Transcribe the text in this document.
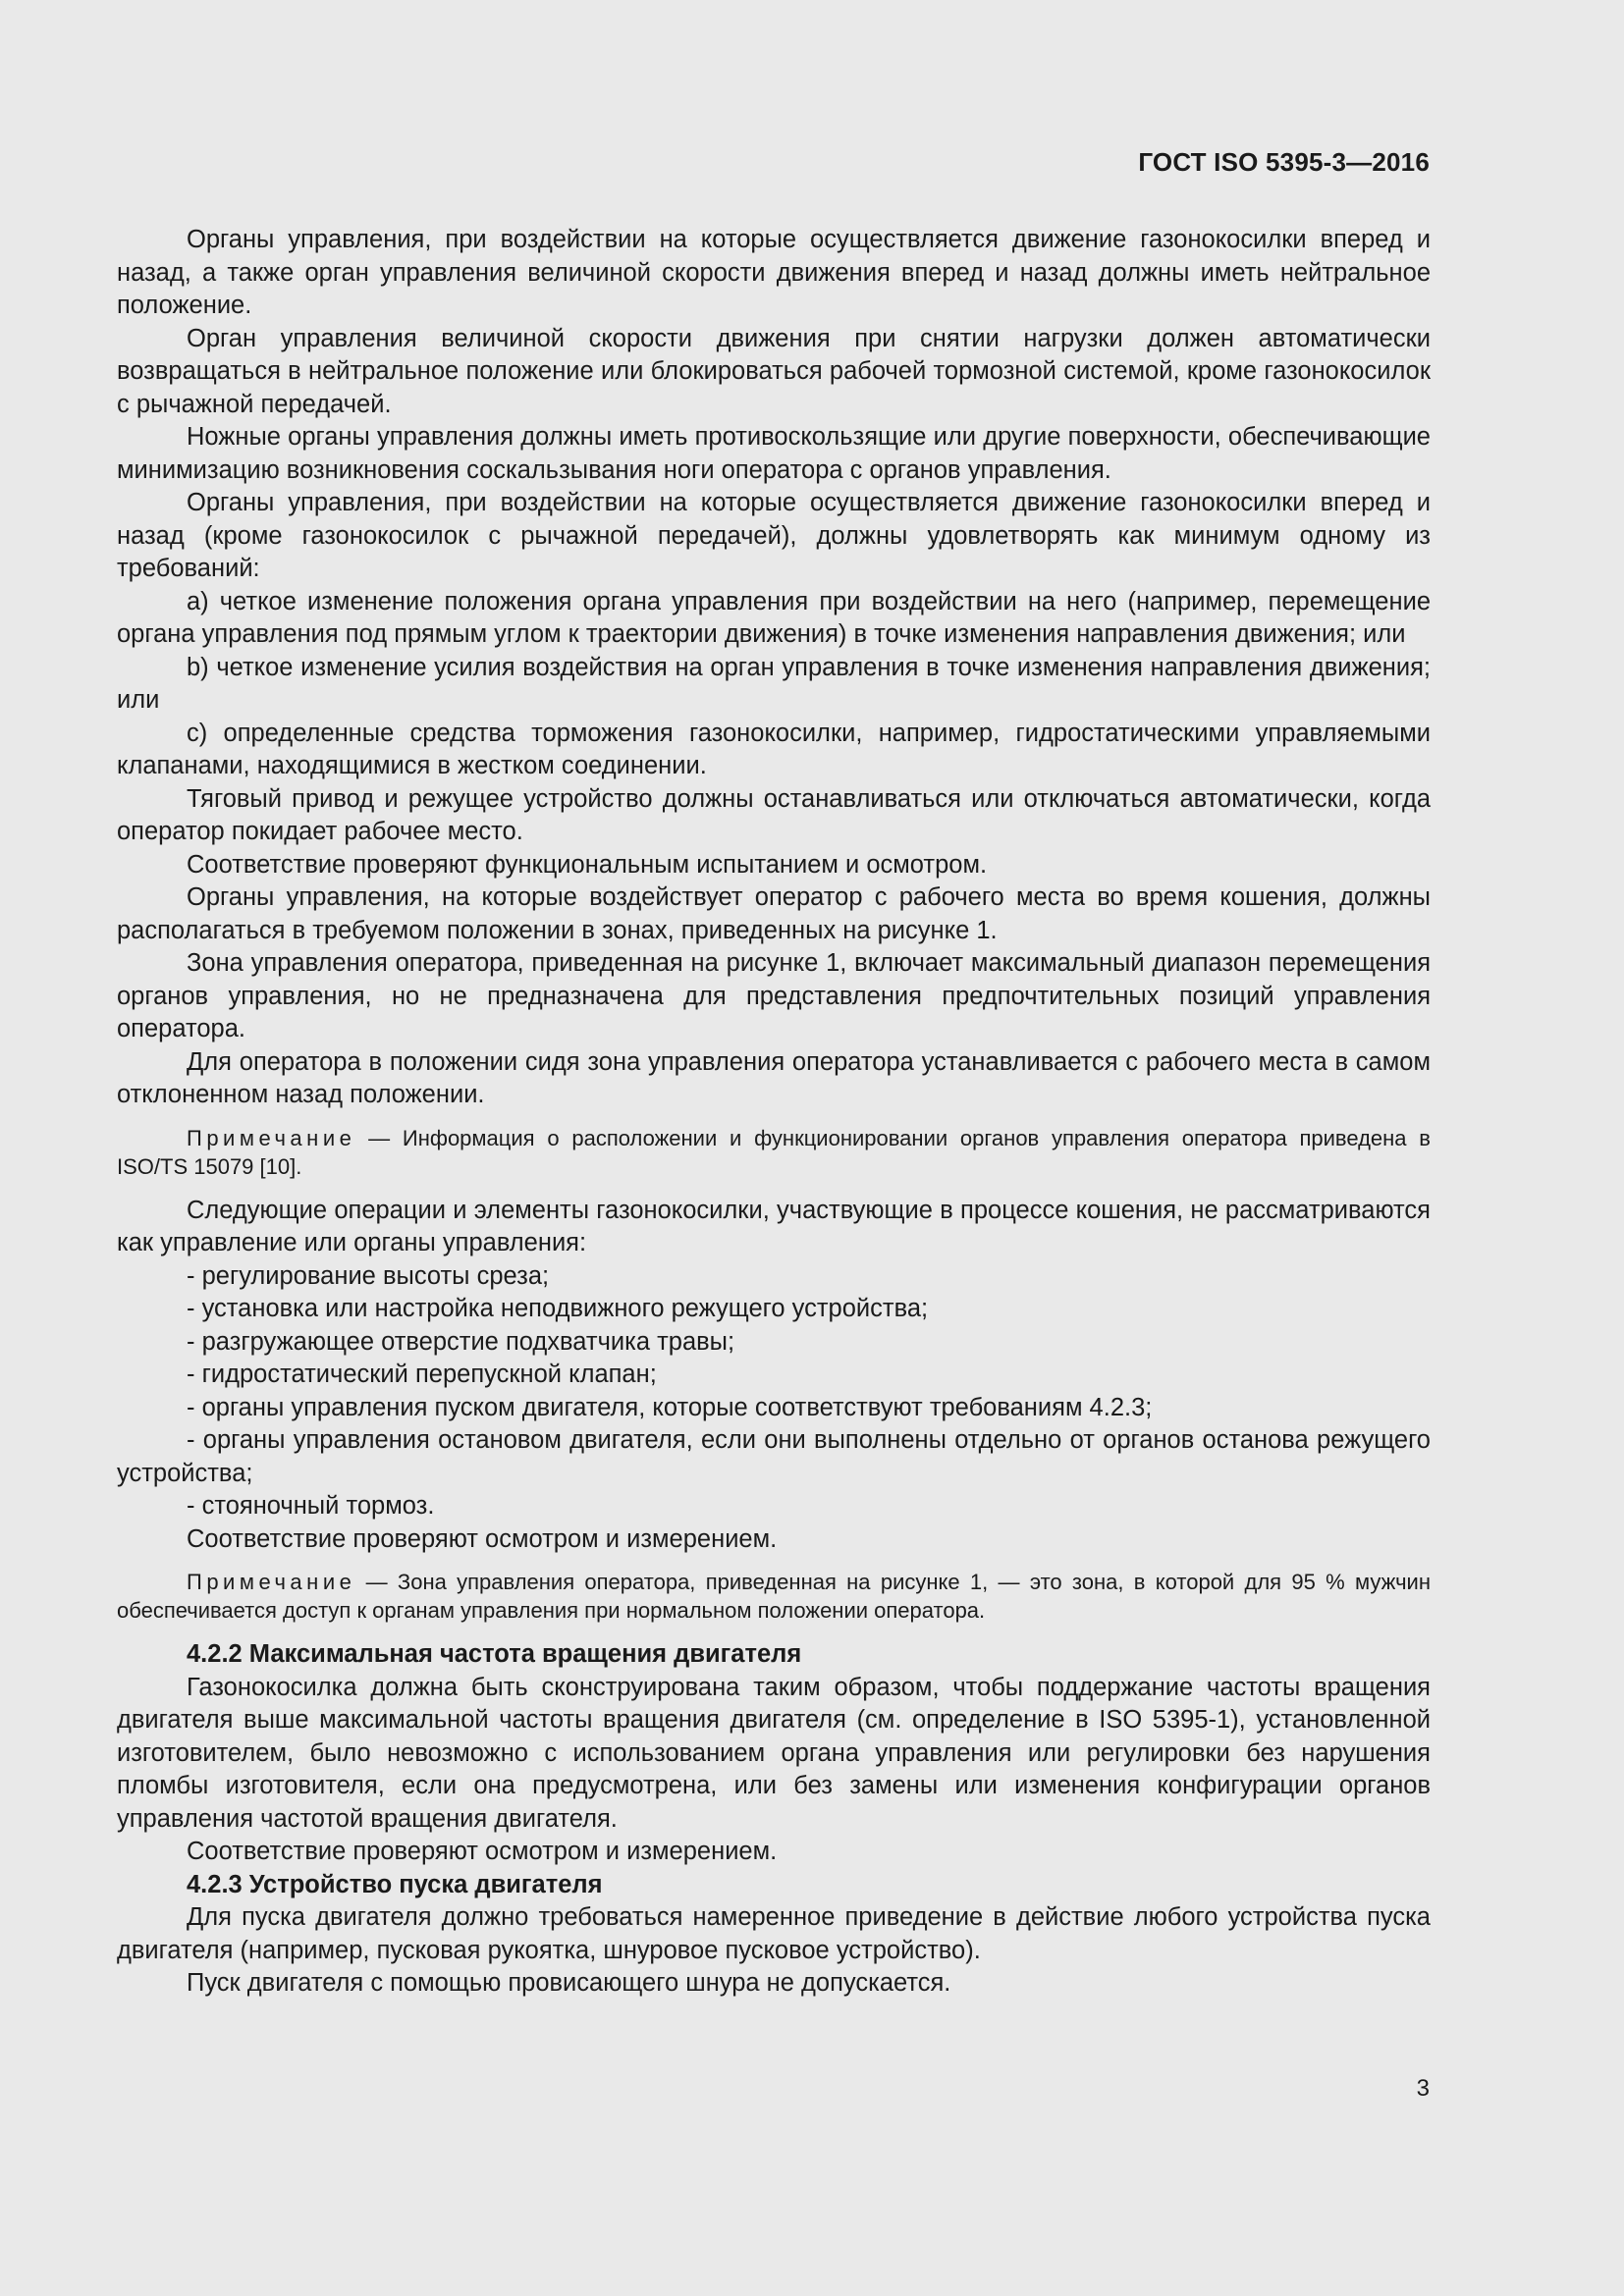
ГОСТ ISO 5395-3—2016

Органы управления, при воздействии на которые осуществляется движение газонокосилки вперед и назад, а также орган управления величиной скорости движения вперед и назад должны иметь нейтральное положение.

Орган управления величиной скорости движения при снятии нагрузки должен автоматически возвращаться в нейтральное положение или блокироваться рабочей тормозной системой, кроме газонокосилок с рычажной передачей.

Ножные органы управления должны иметь противоскользящие или другие поверхности, обеспечивающие минимизацию возникновения соскальзывания ноги оператора с органов управления.

Органы управления, при воздействии на которые осуществляется движение газонокосилки вперед и назад (кроме газонокосилок с рычажной передачей), должны удовлетворять как минимум одному из требований:

a) четкое изменение положения органа управления при воздействии на него (например, перемещение органа управления под прямым углом к траектории движения) в точке изменения направления движения; или

b) четкое изменение усилия воздействия на орган управления в точке изменения направления движения; или

c) определенные средства торможения газонокосилки, например, гидростатическими управляемыми клапанами, находящимися в жестком соединении.

Тяговый привод и режущее устройство должны останавливаться или отключаться автоматически, когда оператор покидает рабочее место.

Соответствие проверяют функциональным испытанием и осмотром.

Органы управления, на которые воздействует оператор с рабочего места во время кошения, должны располагаться в требуемом положении в зонах, приведенных на рисунке 1.

Зона управления оператора, приведенная на рисунке 1, включает максимальный диапазон перемещения органов управления, но не предназначена для представления предпочтительных позиций управления оператора.

Для оператора в положении сидя зона управления оператора устанавливается с рабочего места в самом отклоненном назад положении.

Примечание — Информация о расположении и функционировании органов управления оператора приведена в ISO/TS 15079 [10].

Следующие операции и элементы газонокосилки, участвующие в процессе кошения, не рассматриваются как управление или органы управления:

- регулирование высоты среза;

- установка или настройка неподвижного режущего устройства;

- разгружающее отверстие подхватчика травы;

- гидростатический перепускной клапан;

- органы управления пуском двигателя, которые соответствуют требованиям 4.2.3;

- органы управления остановом двигателя, если они выполнены отдельно от органов останова режущего устройства;

- стояночный тормоз.

Соответствие проверяют осмотром и измерением.

Примечание — Зона управления оператора, приведенная на рисунке 1, — это зона, в которой для 95 % мужчин обеспечивается доступ к органам управления при нормальном положении оператора.

4.2.2 Максимальная частота вращения двигателя

Газонокосилка должна быть сконструирована таким образом, чтобы поддержание частоты вращения двигателя выше максимальной частоты вращения двигателя (см. определение в ISO 5395-1), установленной изготовителем, было невозможно с использованием органа управления или регулировки без нарушения пломбы изготовителя, если она предусмотрена, или без замены или изменения конфигурации органов управления частотой вращения двигателя.

Соответствие проверяют осмотром и измерением.

4.2.3 Устройство пуска двигателя

Для пуска двигателя должно требоваться намеренное приведение в действие любого устройства пуска двигателя (например, пусковая рукоятка, шнуровое пусковое устройство).

Пуск двигателя с помощью провисающего шнура не допускается.

3
